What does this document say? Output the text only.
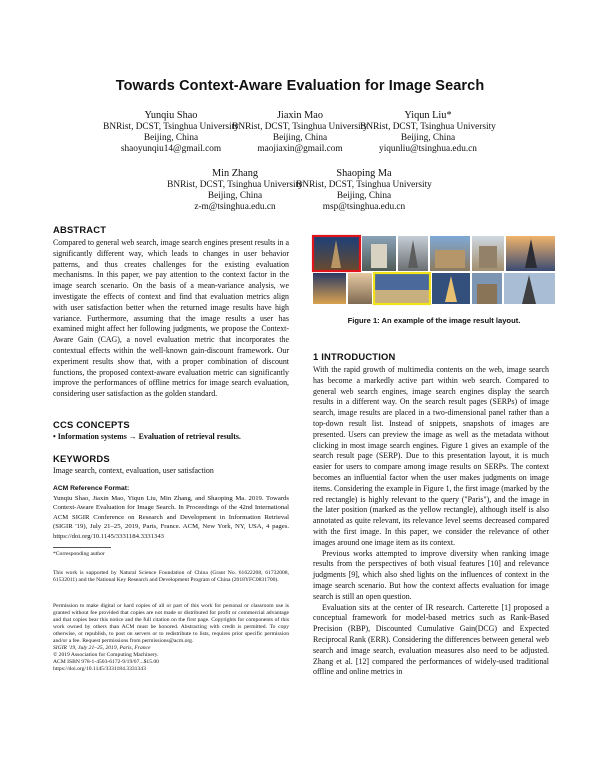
Towards Context-Aware Evaluation for Image Search
Yunqiu Shao
BNRist, DCST, Tsinghua University
Beijing, China
shaoyunqiu14@gmail.com
Jiaxin Mao
BNRist, DCST, Tsinghua University
Beijing, China
maojiaxin@gmail.com
Yiqun Liu*
BNRist, DCST, Tsinghua University
Beijing, China
yiqunliu@tsinghua.edu.cn
Min Zhang
BNRist, DCST, Tsinghua University
Beijing, China
z-m@tsinghua.edu.cn
Shaoping Ma
BNRist, DCST, Tsinghua University
Beijing, China
msp@tsinghua.edu.cn
ABSTRACT

Compared to general web search, image search engines present results in a significantly different way, which leads to changes in user behavior patterns, and thus creates challenges for the existing evaluation mechanisms. In this paper, we pay attention to the context factor in the image search scenario. On the basis of a mean-variance analysis, we investigate the effects of context and find that evaluation metrics align with user satisfaction better when the returned image results have high variance. Furthermore, assuming that the image results a user has examined might affect her following judgments, we propose the Context-Aware Gain (CAG), a novel evaluation metric that incorporates the contextual effects within the well-known gain-discount framework. Our experiment results show that, with a proper combination of discount functions, the proposed context-aware evaluation metric can significantly improve the performances of offline metrics for image search evaluation, considering user satisfaction as the golden standard.

CCS CONCEPTS
• Information systems → Evaluation of retrieval results.
KEYWORDS
Image search, context, evaluation, user satisfaction
ACM Reference Format:
Yunqiu Shao, Jiaxin Mao, Yiqun Liu, Min Zhang, and Shaoping Ma. 2019. Towards Context-Aware Evaluation for Image Search. In Proceedings of the 42nd International ACM SIGIR Conference on Research and Development in Information Retrieval (SIGIR '19), July 21–25, 2019, Paris, France. ACM, New York, NY, USA, 4 pages. https://doi.org/10.1145/3331184.3331343
*Corresponding author
This work is supported by Natural Science Foundation of China (Grant No. 61622208, 61732008, 61532011) and the National Key Research and Development Program of China (2018YFC0831700).

Permission to make digital or hard copies of all or part of this work for personal or classroom use is granted without fee provided that copies are not made or distributed for profit or commercial advantage and that copies bear this notice and the full citation on the first page. Copyrights for components of this work owned by others than ACM must be honored. Abstracting with credit is permitted. To copy otherwise, or republish, to post on servers or to redistribute to lists, requires prior specific permission and/or a fee. Request permissions from permissions@acm.org.

SIGIR '19, July 21–25, 2019, Paris, France

© 2019 Association for Computing Machinery.

ACM ISBN 978-1-4503-6172-9/19/07...$15.00

https://doi.org/10.1145/3331184.3331343

Figure 1: An example of the image result layout.
1 INTRODUCTION

With the rapid growth of multimedia contents on the web, image search has become a markedly active part within web search. Compared to general web search engines, image search engines display the search results in a different way. On the search result pages (SERPs) of image search, image results are placed in a two-dimensional panel rather than a top-down result list. Instead of snippets, snapshots of images are presented. Users can preview the image as well as the metadata without clicking in most image search engines. Figure 1 gives an example of the search result page (SERP). Due to this presentation layout, it is much easier for users to compare among image results on SERPs. The context becomes an influential factor when the user makes judgments on image items. Considering the example in Figure 1, the first image (marked by the red rectangle) is highly relevant to the query ("Paris"), and the image in the later position (marked as the yellow rectangle), although itself is also annotated as quite relevant, its relevance level seems decreased compared with the first image. In this paper, we consider the relevance of other images around one image item as its context.

Previous works attempted to improve diversity when ranking image results from the perspectives of both visual features [10] and relevance judgments [9], which also shed lights on the influences of context in the image search scenario. But how the context affects evaluation for image search is still an open question.

Evaluation sits at the center of IR research. Carterette [1] proposed a conceptual framework for model-based metrics such as Rank-Based Precision (RBP), Discounted Cumulative Gain(DCG) and Expected Reciprocal Rank (ERR). Considering the differences between general web search and image search, evaluation measures also need to be adjusted. Zhang et al. [12] compared the performances of widely-used traditional offline and online metrics in
